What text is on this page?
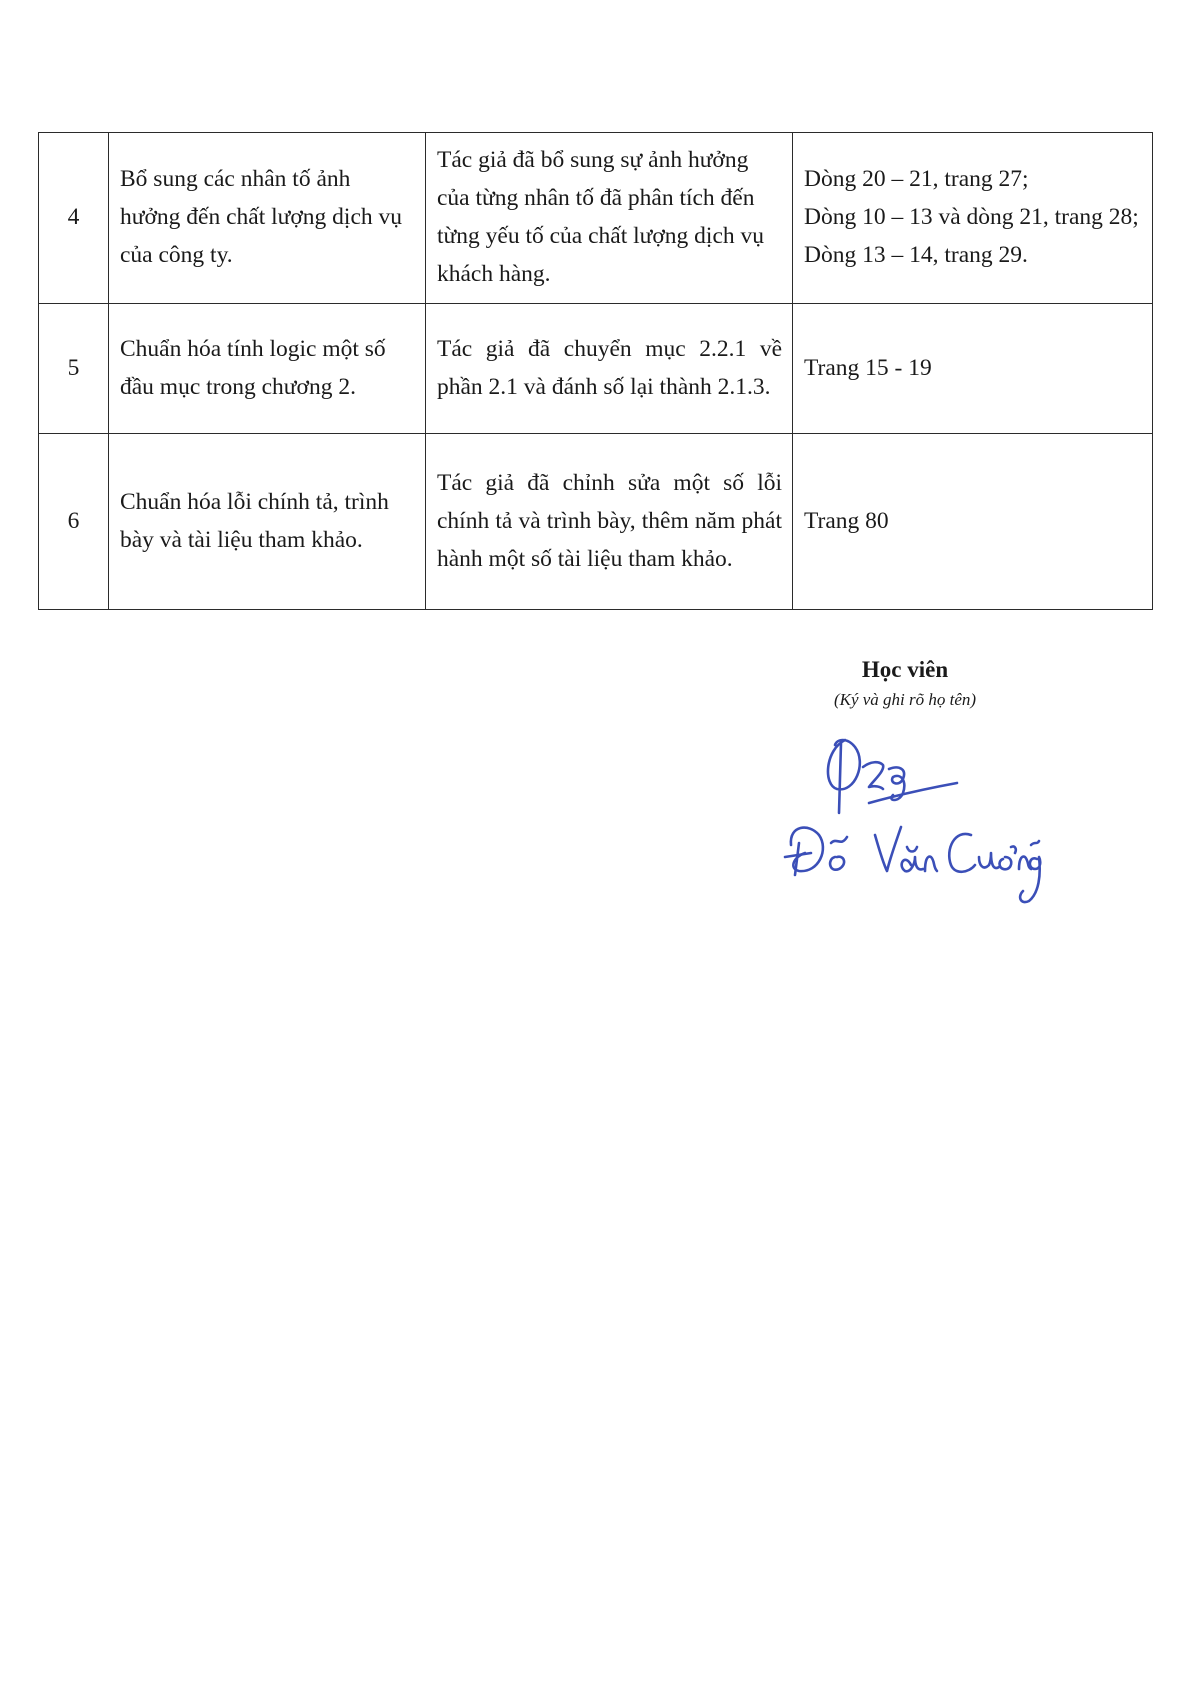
4	Bổ sung các nhân tố ảnh hưởng đến chất lượng dịch vụ của công ty.	Tác giả đã bổ sung sự ảnh hưởng của từng nhân tố đã phân tích đến từng yếu tố của chất lượng dịch vụ khách hàng.	Dòng 20 – 21, trang 27;
Dòng 10 – 13 và dòng 21, trang 28;
Dòng 13 – 14, trang 29.

5	Chuẩn hóa tính logic một số đầu mục trong chương 2.	Tác giả đã chuyển mục 2.2.1 về phần 2.1 và đánh số lại thành 2.1.3.	Trang 15 - 19

6	Chuẩn hóa lỗi chính tả, trình bày và tài liệu tham khảo.	Tác giả đã chỉnh sửa một số lỗi chính tả và trình bày, thêm năm phát hành một số tài liệu tham khảo.	Trang 80
Học viên
(Ký và ghi rõ họ tên)
